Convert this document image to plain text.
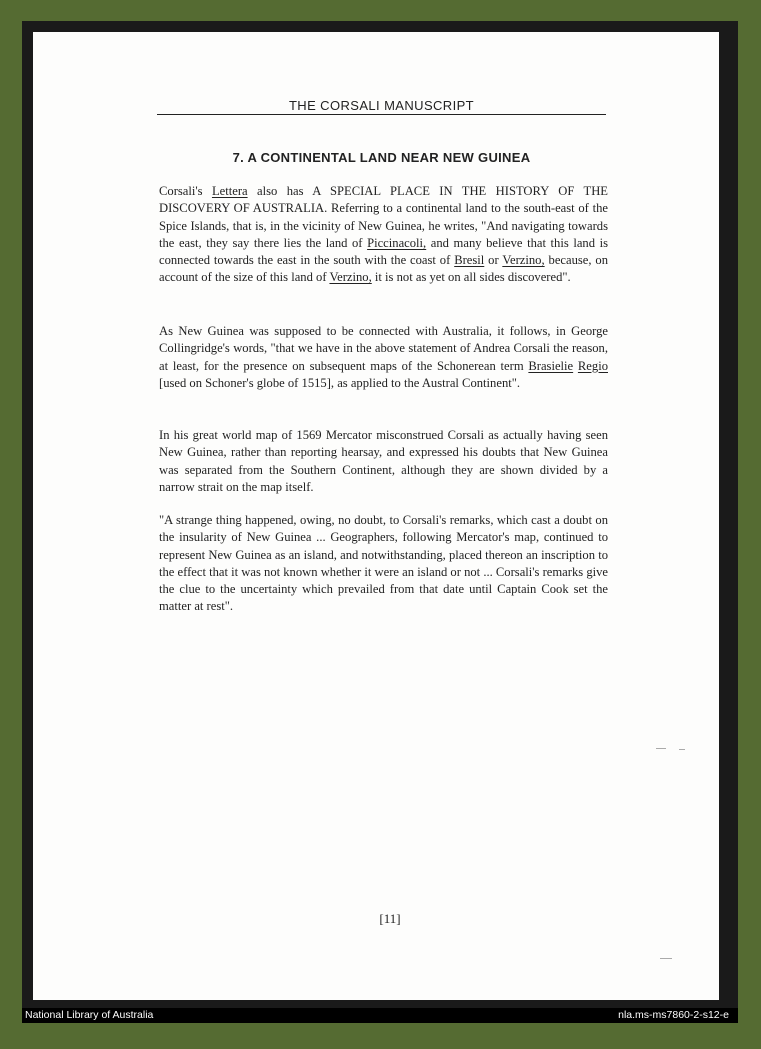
THE CORSALI MANUSCRIPT
7. A CONTINENTAL LAND NEAR NEW GUINEA
Corsali's Lettera also has A SPECIAL PLACE IN THE HISTORY OF THE DISCOVERY OF AUSTRALIA. Referring to a continental land to the south-east of the Spice Islands, that is, in the vicinity of New Guinea, he writes, "And navigating towards the east, they say there lies the land of Piccinacoli, and many believe that this land is connected towards the east in the south with the coast of Bresil or Verzino, because, on account of the size of this land of Verzino, it is not as yet on all sides discovered".
As New Guinea was supposed to be connected with Australia, it follows, in George Collingridge's words, "that we have in the above statement of Andrea Corsali the reason, at least, for the presence on subsequent maps of the Schonerean term Brasielie Regio [used on Schoner's globe of 1515], as applied to the Austral Continent".
In his great world map of 1569 Mercator misconstrued Corsali as actually having seen New Guinea, rather than reporting hearsay, and expressed his doubts that New Guinea was separated from the Southern Continent, although they are shown divided by a narrow strait on the map itself.
"A strange thing happened, owing, no doubt, to Corsali's remarks, which cast a doubt on the insularity of New Guinea ... Geographers, following Mercator's map, continued to represent New Guinea as an island, and notwithstanding, placed thereon an inscription to the effect that it was not known whether it were an island or not ... Corsali's remarks give the clue to the uncertainty which prevailed from that date until Captain Cook set the matter at rest".
[11]
National Library of Australia	nla.ms-ms7860-2-s12-e
